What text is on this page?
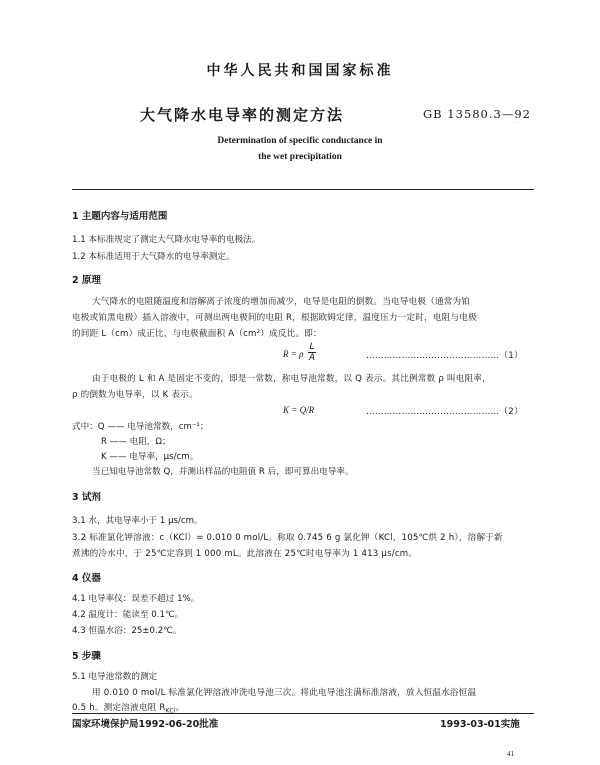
中华人民共和国国家标准
大气降水电导率的测定方法	GB 13580.3—92
· ·
Determination of specific conductance in
the wet precipitation
1 主题内容与适用范围
1.1 本标准规定了测定大气降水电导率的电极法。
1.2 本标准适用于大气降水的电导率测定。
2 原理
大气降水的电阻随温度和溶解离子浓度的增加而减少，电导是电阻的倒数。当电导电极（通常为铂
电极或铂黑电极）插入溶液中，可测出两电极间的电阻 R，根据欧姆定律，温度压力一定时，电阻与电极
的间距 L（cm）成正比，与电极截面积 A（cm²）成反比。即：
R = ρ $\frac{L}{A}$	………………………………………（1）
由于电极的 L 和 A 是固定不变的，即是一常数，称电导池常数，以 Q 表示。其比例常数 ρ 叫电阻率，
ρ 的倒数为电导率，以 K 表示。
K = Q/R	………………………………………（2）
式中：Q —— 电导池常数，cm⁻¹；
R —— 电阻，Ω；
K —— 电导率，μs/cm。
当已知电导池常数 Q，并测出样品的电阻值 R 后，即可算出电导率。
3 试剂
3.1 水，其电导率小于 1 μs/cm。
3.2 标准氯化钾溶液：c（KCl）= 0.010 0 mol/L。称取 0.745 6 g 氯化钾（KCl，105℃烘 2 h），溶解于新
煮沸的冷水中，于 25℃定容到 1 000 mL。此溶液在 25℃时电导率为 1 413 μs/cm。
4 仪器
4.1 电导率仪：误差不超过 1%。
4.2 温度计：能读至 0.1℃。
4.3 恒温水浴：25±0.2℃。
5 步骤
5.1 电导池常数的测定
用 0.010 0 mol/L 标准氯化钾溶液冲洗电导池三次。将此电导池注满标准溶液，放入恒温水浴恒温
0.5 h。测定溶液电阻 $R_{KCl}$。
国家环境保护局1992-06-20批准	1993-03-01实施
41
